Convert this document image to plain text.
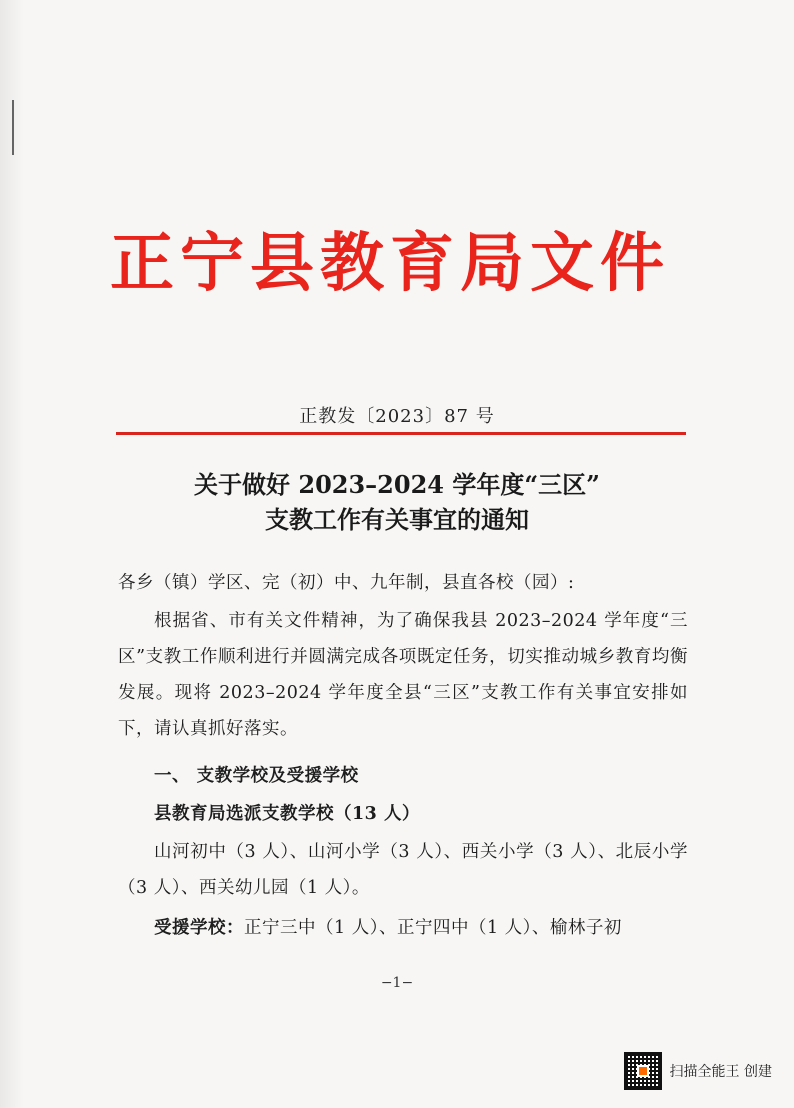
正宁县教育局文件
正教发〔2023〕87 号
关于做好 2023–2024 学年度“三区”
支教工作有关事宜的通知
各乡（镇）学区、完（初）中、九年制，县直各校（园）:
根据省、市有关文件精神，为了确保我县 2023–2024 学年度“三区”支教工作顺利进行并圆满完成各项既定任务，切实推动城乡教育均衡发展。现将 2023–2024 学年度全县“三区”支教工作有关事宜安排如下，请认真抓好落实。
一、 支教学校及受援学校
县教育局选派支教学校（13 人）
山河初中（3 人）、山河小学（3 人）、西关小学（3 人）、北辰小学（3 人）、西关幼儿园（1 人）。
受援学校：正宁三中（1 人）、正宁四中（1 人）、榆林子初
−1−
扫描全能王 创建
